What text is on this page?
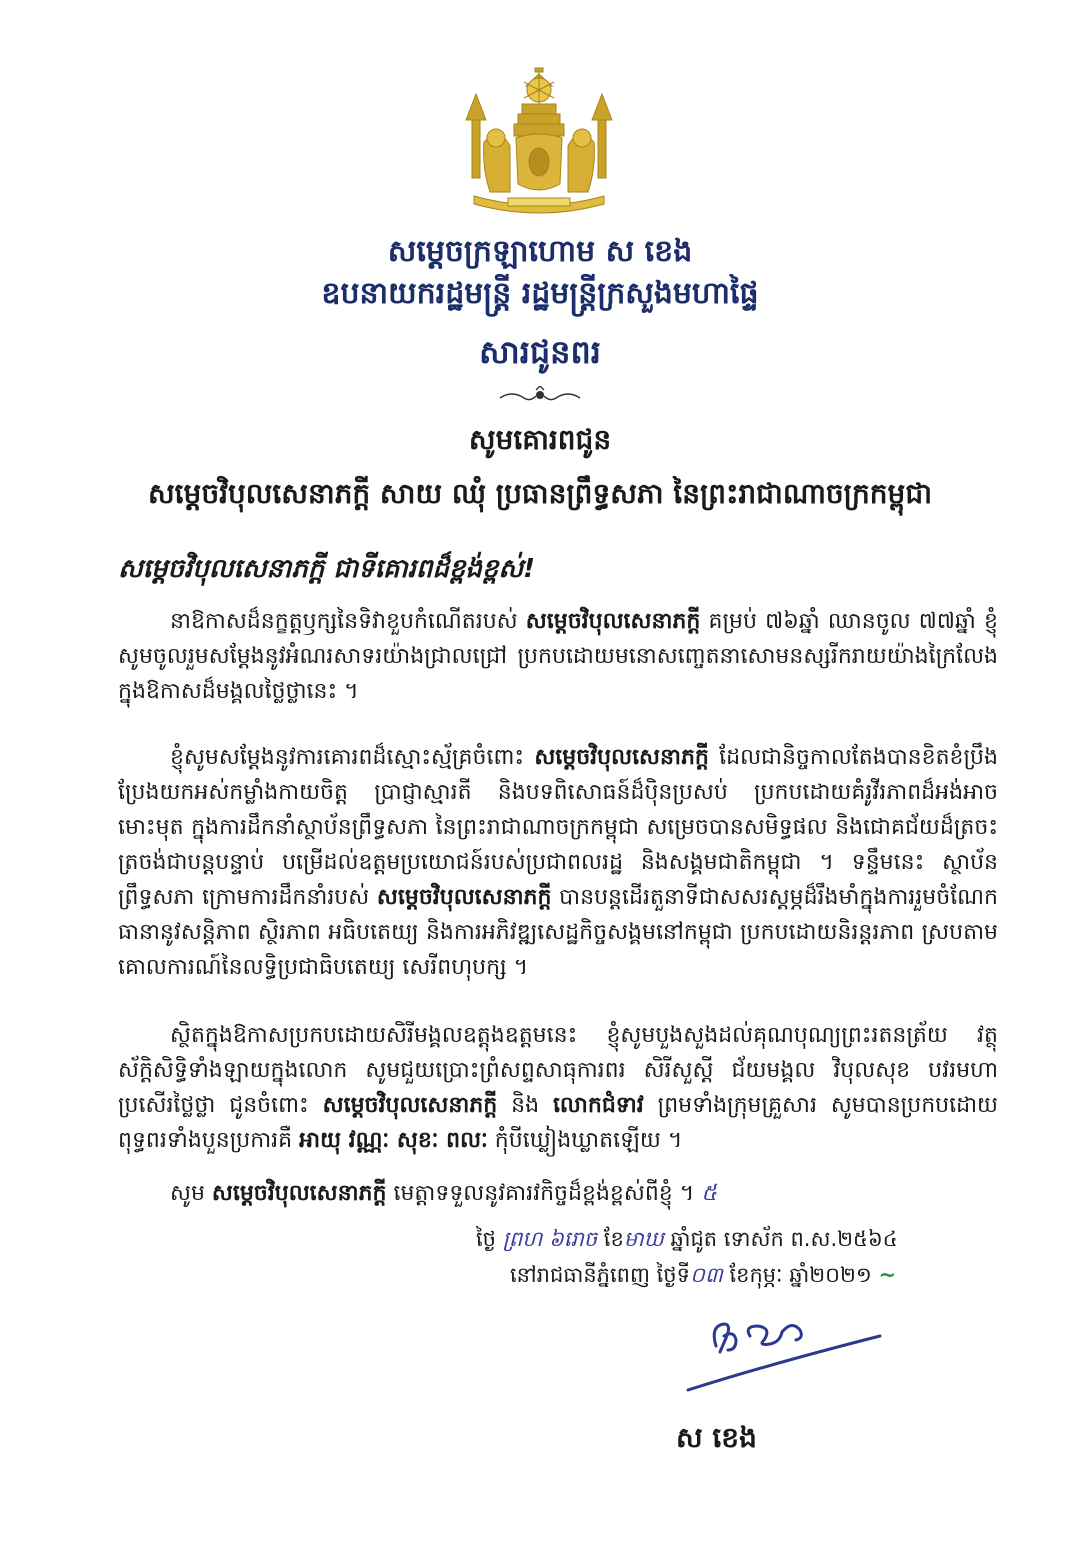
សម្តេចក្រឡាហោម ស ខេង
ឧបនាយករដ្ឋមន្ត្រី រដ្ឋមន្ត្រីក្រសួងមហាផ្ទៃ
សារជូនពរ
សូមគោរពជូន
សម្តេចវិបុលសេនាភក្តី សាយ ឈុំ ប្រធានព្រឹទ្ធសភា នៃព្រះរាជាណាចក្រកម្ពុជា
សម្តេចវិបុលសេនាភក្តី ជាទីគោរពដ៏ខ្ពង់ខ្ពស់!
នាឱកាសដ៏នក្ខត្តឫក្សនៃទិវាខួបកំណើតរបស់ សម្តេចវិបុលសេនាភក្តី គម្រប់ ៧៦ឆ្នាំ ឈានចូល ៧៧ឆ្នាំ ខ្ញុំសូមចូលរួមសម្តែងនូវអំណរសាទរយ៉ាងជ្រាលជ្រៅ ប្រកបដោយមនោសញ្ចេតនាសោមនស្សរីករាយយ៉ាងក្រៃលែងក្នុងឱកាសដ៏មង្គលថ្លៃថ្លានេះ ។
ខ្ញុំសូមសម្តែងនូវការគោរពដ៏ស្មោះស្ម័គ្រចំពោះ សម្តេចវិបុលសេនាភក្តី ដែលជានិច្ចកាលតែងបានខិតខំប្រឹងប្រែងយកអស់កម្លាំងកាយចិត្ត ប្រាជ្ញាស្មារតី និងបទពិសោធន៍ដ៏ប៉ិនប្រសប់ ប្រកបដោយគំរូវីរភាពដ៏អង់អាចមោះមុត ក្នុងការដឹកនាំស្ថាប័នព្រឹទ្ធសភា នៃព្រះរាជាណាចក្រកម្ពុជា សម្រេចបានសមិទ្ធផល និងជោគជ័យដ៏ត្រចះត្រចង់ជាបន្តបន្ទាប់ បម្រើដល់ឧត្តមប្រយោជន៍របស់ប្រជាពលរដ្ឋ និងសង្គមជាតិកម្ពុជា ។ ទន្ទឹមនេះ ស្ថាប័នព្រឹទ្ធសភា ក្រោមការដឹកនាំរបស់ សម្តេចវិបុលសេនាភក្តី បានបន្តដើរតួនាទីជាសសរស្តម្ភដ៏រឹងមាំក្នុងការរួមចំណែកធានានូវសន្តិភាព ស្ថិរភាព អធិបតេយ្យ និងការអភិវឌ្ឍសេដ្ឋកិច្ចសង្គមនៅកម្ពុជា ប្រកបដោយនិរន្តរភាព ស្របតាមគោលការណ៍នៃលទ្ធិប្រជាធិបតេយ្យ សេរីពហុបក្ស ។
ស្ថិតក្នុងឱកាសប្រកបដោយសិរីមង្គលឧត្តុងឧត្តមនេះ ខ្ញុំសូមបួងសួងដល់គុណបុណ្យព្រះរតនត្រ័យ វត្ថុស័ក្តិសិទ្ធិទាំងឡាយក្នុងលោក សូមជួយប្រោះព្រំសព្ទសាធុការពរ សិរីសួស្តី ជ័យមង្គល វិបុលសុខ បវរមហាប្រសើរថ្លៃថ្លា ជូនចំពោះ សម្តេចវិបុលសេនាភក្តី និង លោកជំទាវ ព្រមទាំងក្រុមគ្រួសារ សូមបានប្រកបដោយពុទ្ធពរទាំងបួនប្រការគឺ អាយុ វណ្ណៈ សុខៈ ពលៈ កុំបីឃ្លៀងឃ្លាតឡើយ ។
សូម សម្តេចវិបុលសេនាភក្តី មេត្តាទទួលនូវគារវកិច្ចដ៏ខ្ពង់ខ្ពស់ពីខ្ញុំ ។ ៥
ថ្ងៃ ព្រហ ៦រោច ខែមាឃ ឆ្នាំជូត ទោស័ក ព.ស.២៥៦៤
នៅរាជធានីភ្នំពេញ ថ្ងៃទី០៣ ខែកុម្ភៈ ឆ្នាំ២០២១ ~
ស ខេង
